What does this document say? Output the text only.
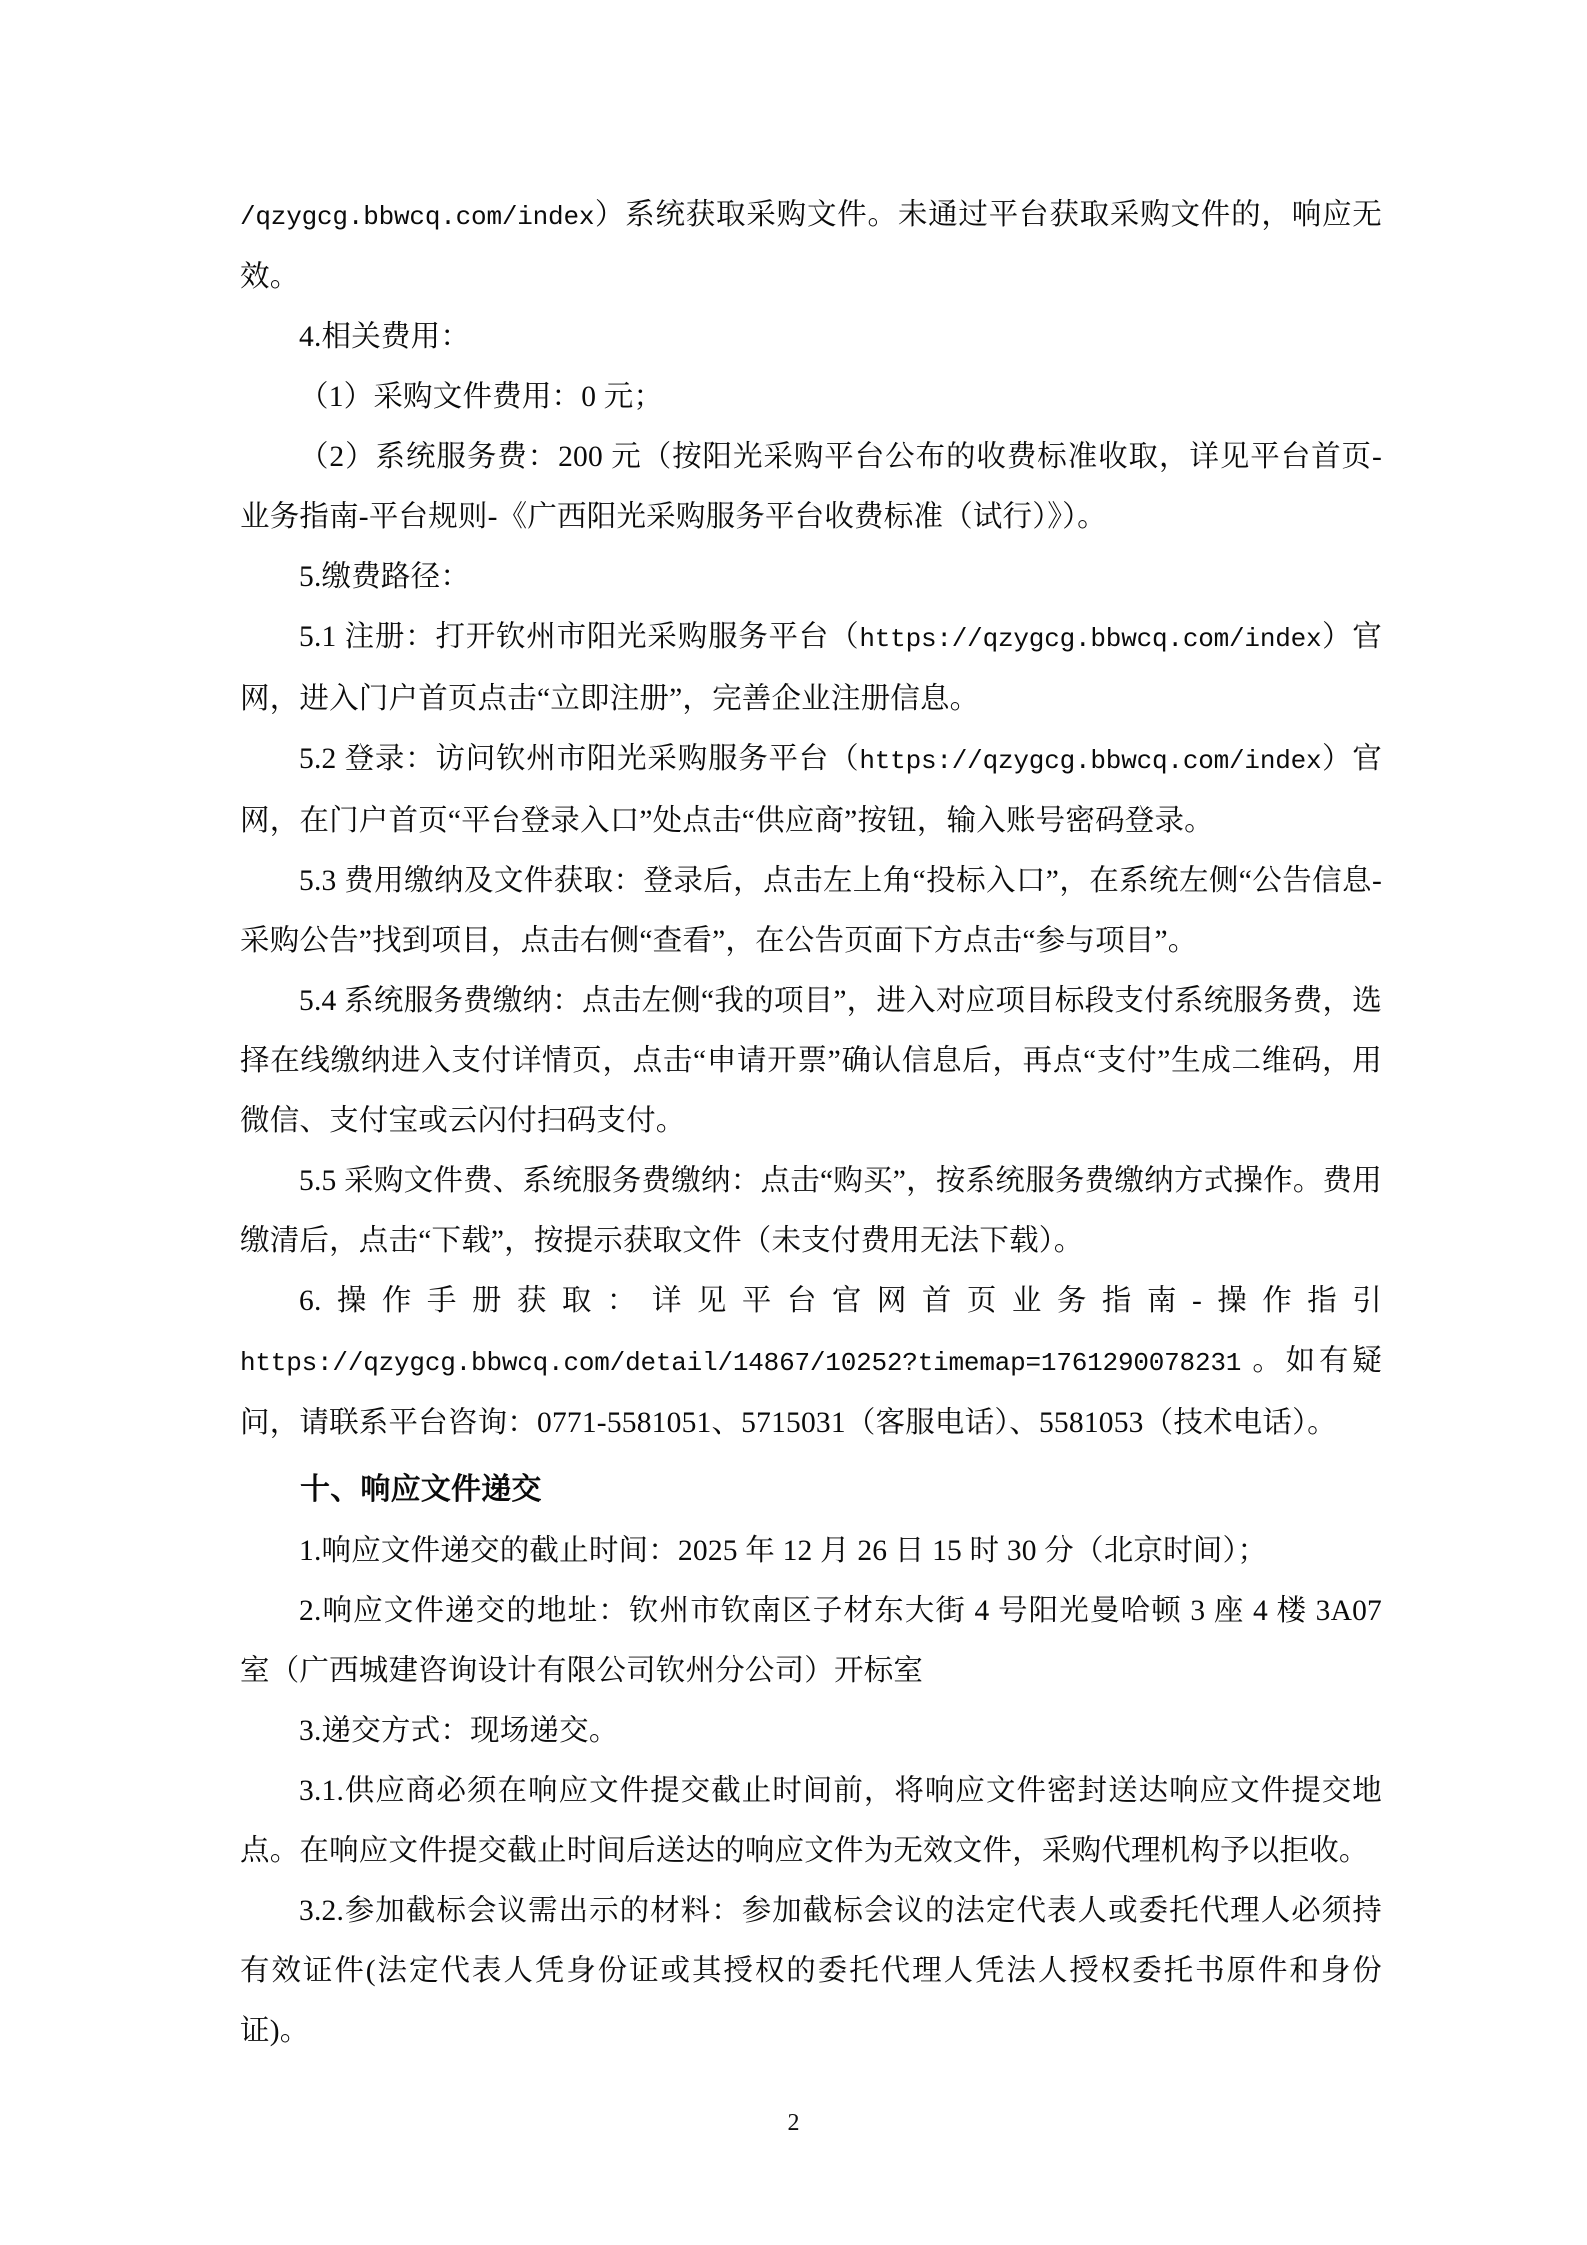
/qzygcg.bbwcq.com/index）系统获取采购文件。未通过平台获取采购文件的，响应无效。

4.相关费用：

（1）采购文件费用：0 元；

（2）系统服务费：200 元（按阳光采购平台公布的收费标准收取，详见平台首页-业务指南-平台规则-《广西阳光采购服务平台收费标准（试行）》）。

5.缴费路径：

5.1 注册：打开钦州市阳光采购服务平台（https://qzygcg.bbwcq.com/index）官网，进入门户首页点击“立即注册”，完善企业注册信息。

5.2 登录：访问钦州市阳光采购服务平台（https://qzygcg.bbwcq.com/index）官网，在门户首页“平台登录入口”处点击“供应商”按钮，输入账号密码登录。

5.3 费用缴纳及文件获取：登录后，点击左上角“投标入口”，在系统左侧“公告信息-采购公告”找到项目，点击右侧“查看”，在公告页面下方点击“参与项目”。

5.4 系统服务费缴纳：点击左侧“我的项目”，进入对应项目标段支付系统服务费，选择在线缴纳进入支付详情页，点击“申请开票”确认信息后，再点“支付”生成二维码，用微信、支付宝或云闪付扫码支付。

5.5 采购文件费、系统服务费缴纳：点击“购买”，按系统服务费缴纳方式操作。费用缴清后，点击“下载”，按提示获取文件（未支付费用无法下载）。

6.操作手册获取：详见平台官网首页业务指南-操作指引 https://qzygcg.bbwcq.com/detail/14867/10252?timemap=1761290078231 。如有疑问，请联系平台咨询：0771-5581051、5715031（客服电话）、5581053（技术电话）。

十、响应文件递交

1.响应文件递交的截止时间：2025 年 12 月 26 日 15 时 30 分（北京时间）；

2.响应文件递交的地址：钦州市钦南区子材东大街 4 号阳光曼哈顿 3 座 4 楼 3A07 室（广西城建咨询设计有限公司钦州分公司）开标室

3.递交方式：现场递交。

3.1.供应商必须在响应文件提交截止时间前，将响应文件密封送达响应文件提交地点。在响应文件提交截止时间后送达的响应文件为无效文件，采购代理机构予以拒收。

3.2.参加截标会议需出示的材料：参加截标会议的法定代表人或委托代理人必须持有效证件(法定代表人凭身份证或其授权的委托代理人凭法人授权委托书原件和身份证)。

2
